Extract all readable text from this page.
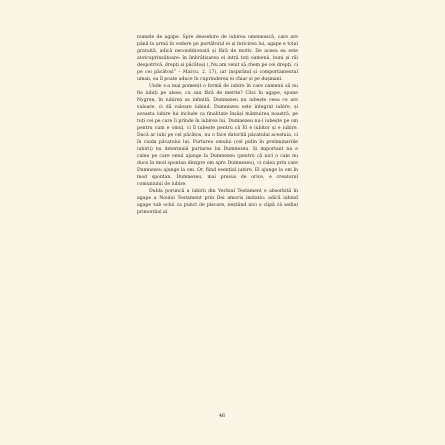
numele de agape. Spre deosebire de iubirea omenească, care are până la urmă în vedere pe purtătorul ei și fericirea lui, agape e total gratuită, adică necondiționată și fără de motiv. De aceea ea este atotcuprinzătoare: în îmbrățișarea ei intră toți oamenii, buni și răi deopotrivă, drepți și păcătoși („Nu am venit să chem pe cei drepți, ci pe cei păcătoși” – Marcu, 2, 17), iar inspirând și comportamentul uman, ea îl poate aduce în cuprinderea ei chiar și pe dușmani.

Unde s-a mai pomenit o formă de iubire în care oamenii să nu fie iubiți pe alese, cu sau fără de merite? Căci în agape, spune Nygren, în iubirea sa infinită, Dumnezeu nu iubește ceea ce are valoare, ci dă valoare iubind. Dumnezeu este integral iubire, și aceasta iubire lui include ca finalitate însăși mântuirea noastră, pe toți cei pe care îi prinde în iubirea lui. Dumnezeu nu-l iubește pe om pentru cum e omul, ci îl iubește pentru că El e iubitor și e iubire. Dacă ar iubi pe cel păcătos, nu o face datorită păcatului acestuia, ci în ciuda păcatului lui. Purtarea omului (cel puțin în preliminariile iubirii) nu determină purtarea lui Dumnezeu. Și important nu e calea pe care omul ajunge la Dumnezeu (pentru că nici o cale nu duce în mod spontan dinspre om spre Dumnezeu), ci calea prin care Dumnezeu ajunge la om. Or, fiind esențial iubire, El ajunge la om în mod spontan. Dumnezeu, mai presus de orice, e creatorul comuniunii de iubire.

Dubla poruncă a iubirii din Vechiul Testament e absorbită în agape a Noului Testament prin Dei amoris imitatio: adică iubind agape sub ochii ca punct de plecare, neștiind nici o clipă că sediul primordial al

46
